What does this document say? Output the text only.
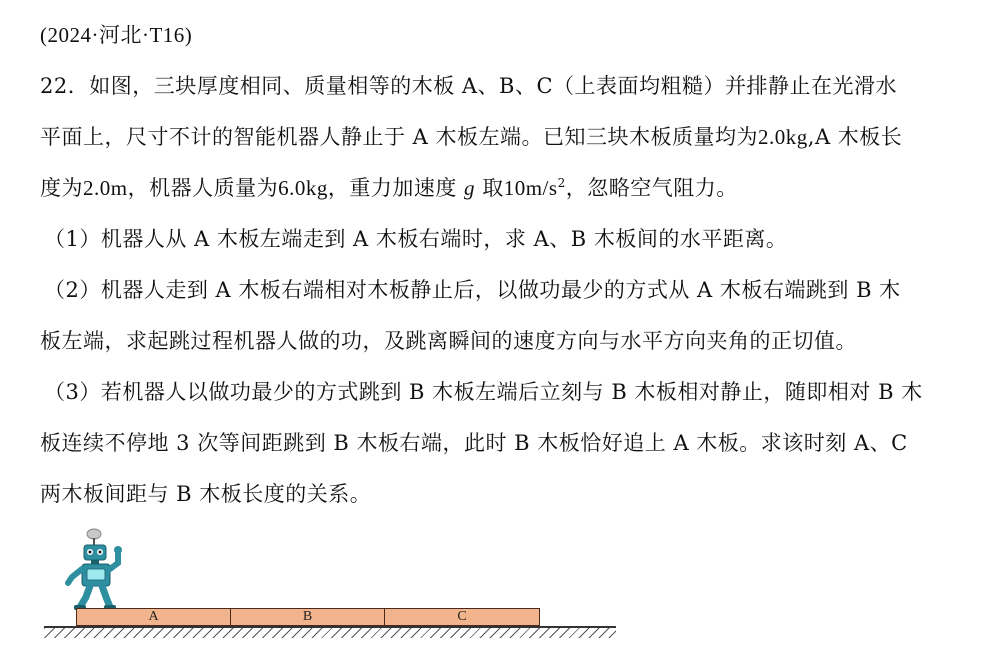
(2024·河北·T16)
22．如图，三块厚度相同、质量相等的木板 A、B、C（上表面均粗糙）并排静止在光滑水
平面上，尺寸不计的智能机器人静止于 A 木板左端。已知三块木板质量均为2.0kg,A 木板长
度为2.0m，机器人质量为6.0kg，重力加速度 g 取$10m/s^2$，忽略空气阻力。
（1）机器人从 A 木板左端走到 A 木板右端时，求 A、B 木板间的水平距离。
（2）机器人走到 A 木板右端相对木板静止后，以做功最少的方式从 A 木板右端跳到 B 木
板左端，求起跳过程机器人做的功，及跳离瞬间的速度方向与水平方向夹角的正切值。
（3）若机器人以做功最少的方式跳到 B 木板左端后立刻与 B 木板相对静止，随即相对 B 木
板连续不停地 3 次等间距跳到 B 木板右端，此时 B 木板恰好追上 A 木板。求该时刻 A、C
两木板间距与 B 木板长度的关系。
A	B	C
